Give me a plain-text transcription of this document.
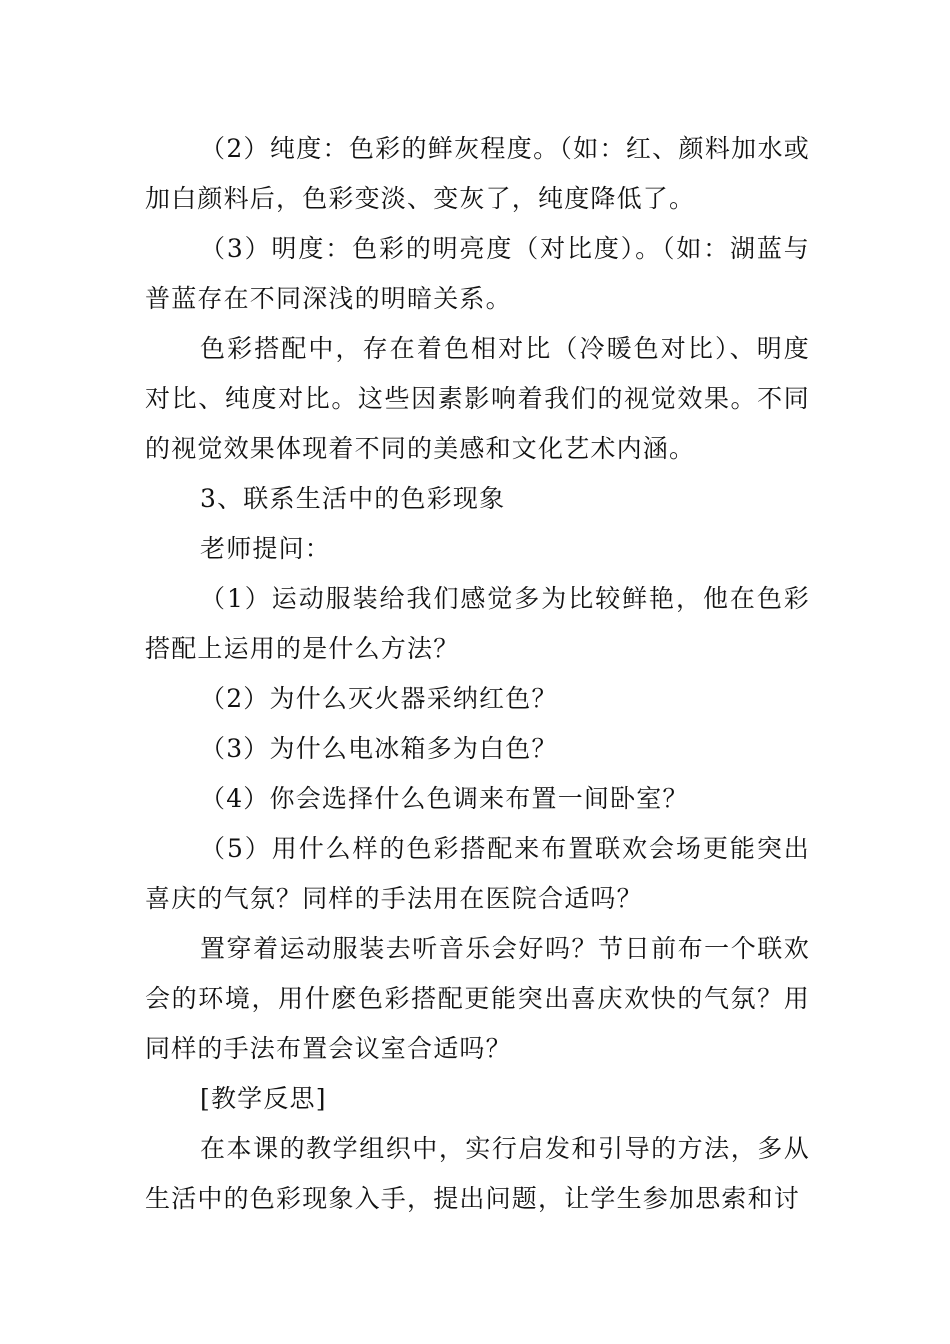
（2）纯度：色彩的鲜灰程度。（如：红、颜料加水或加白颜料后，色彩变淡、变灰了，纯度降低了。

（3）明度：色彩的明亮度（对比度）。（如：湖蓝与普蓝存在不同深浅的明暗关系。

色彩搭配中，存在着色相对比（冷暖色对比）、明度对比、纯度对比。这些因素影响着我们的视觉效果。不同的视觉效果体现着不同的美感和文化艺术内涵。

3、联系生活中的色彩现象

老师提问：

（1）运动服装给我们感觉多为比较鲜艳，他在色彩搭配上运用的是什么方法？

（2）为什么灭火器采纳红色？

（3）为什么电冰箱多为白色？

（4）你会选择什么色调来布置一间卧室？

（5）用什么样的色彩搭配来布置联欢会场更能突出喜庆的气氛？同样的手法用在医院合适吗？

置穿着运动服装去听音乐会好吗？节日前布一个联欢会的环境，用什麽色彩搭配更能突出喜庆欢快的气氛？用同样的手法布置会议室合适吗？

[教学反思]

在本课的教学组织中，实行启发和引导的方法，多从生活中的色彩现象入手，提出问题，让学生参加思索和讨
